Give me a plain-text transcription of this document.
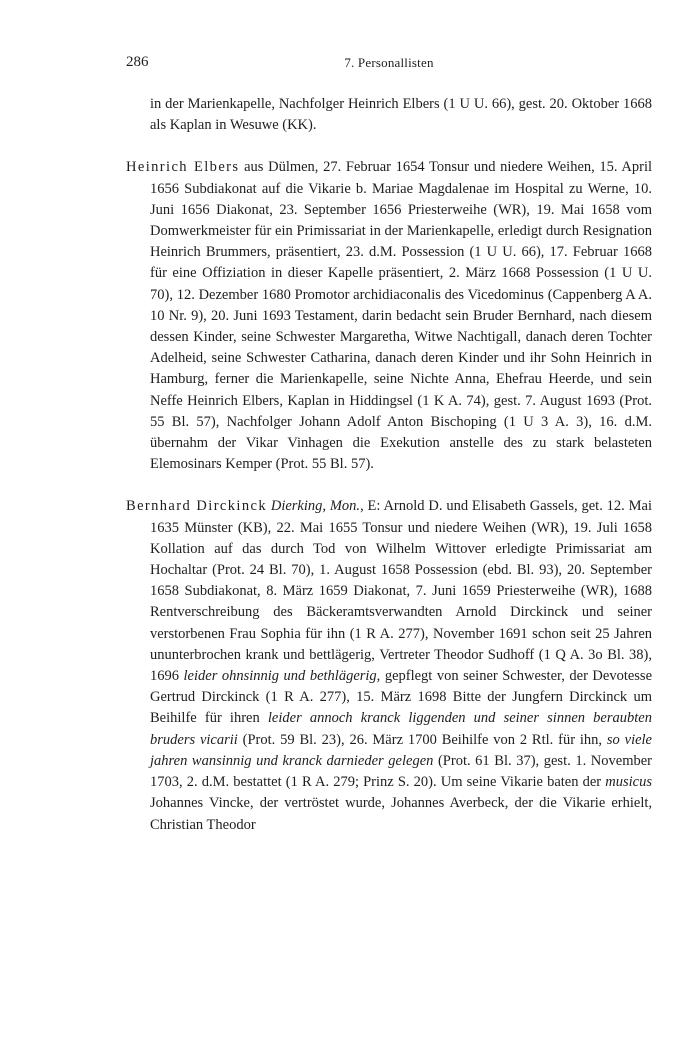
286	7. Personallisten

in der Marienkapelle, Nachfolger Heinrich Elbers (1 U U. 66), gest. 20. Oktober 1668 als Kaplan in Wesuwe (KK).

Heinrich Elbers aus Dülmen, 27. Februar 1654 Tonsur und niedere Weihen, 15. April 1656 Subdiakonat auf die Vikarie b. Mariae Magdalenae im Hospital zu Werne, 10. Juni 1656 Diakonat, 23. September 1656 Priesterweihe (WR), 19. Mai 1658 vom Domwerkmeister für ein Primissariat in der Marienkapelle, erledigt durch Resignation Heinrich Brummers, präsentiert, 23. d.M. Possession (1 U U. 66), 17. Februar 1668 für eine Offiziation in dieser Kapelle präsentiert, 2. März 1668 Possession (1 U U. 70), 12. Dezember 1680 Promotor archidiaconalis des Vicedominus (Cappenberg A A. 10 Nr. 9), 20. Juni 1693 Testament, darin bedacht sein Bruder Bernhard, nach diesem dessen Kinder, seine Schwester Margaretha, Witwe Nachtigall, danach deren Tochter Adelheid, seine Schwester Catharina, danach deren Kinder und ihr Sohn Heinrich in Hamburg, ferner die Marienkapelle, seine Nichte Anna, Ehefrau Heerde, und sein Neffe Heinrich Elbers, Kaplan in Hiddingsel (1 K A. 74), gest. 7. August 1693 (Prot. 55 Bl. 57), Nachfolger Johann Adolf Anton Bischoping (1 U 3 A. 3), 16. d.M. übernahm der Vikar Vinhagen die Exekution anstelle des zu stark belasteten Elemosinars Kemper (Prot. 55 Bl. 57).

Bernhard Dirckinck Dierking, Mon., E: Arnold D. und Elisabeth Gassels, get. 12. Mai 1635 Münster (KB), 22. Mai 1655 Tonsur und niedere Weihen (WR), 19. Juli 1658 Kollation auf das durch Tod von Wilhelm Wittover erledigte Primissariat am Hochaltar (Prot. 24 Bl. 70), 1. August 1658 Possession (ebd. Bl. 93), 20. September 1658 Subdiakonat, 8. März 1659 Diakonat, 7. Juni 1659 Priesterweihe (WR), 1688 Rentverschreibung des Bäckeramtsverwandten Arnold Dirckinck und seiner verstorbenen Frau Sophia für ihn (1 R A. 277), November 1691 schon seit 25 Jahren ununterbrochen krank und bettlägerig, Vertreter Theodor Sudhoff (1 Q A. 3o Bl. 38), 1696 leider ohnsinnig und bethlägerig, gepflegt von seiner Schwester, der Devotesse Gertrud Dirckinck (1 R A. 277), 15. März 1698 Bitte der Jungfern Dirckinck um Beihilfe für ihren leider annoch kranck liggenden und seiner sinnen beraubten bruders vicarii (Prot. 59 Bl. 23), 26. März 1700 Beihilfe von 2 Rtl. für ihn, so viele jahren wansinnig und kranck darnieder gelegen (Prot. 61 Bl. 37), gest. 1. November 1703, 2. d.M. bestattet (1 R A. 279; Prinz S. 20). Um seine Vikarie baten der musicus Johannes Vincke, der vertröstet wurde, Johannes Averbeck, der die Vikarie erhielt, Christian Theodor
